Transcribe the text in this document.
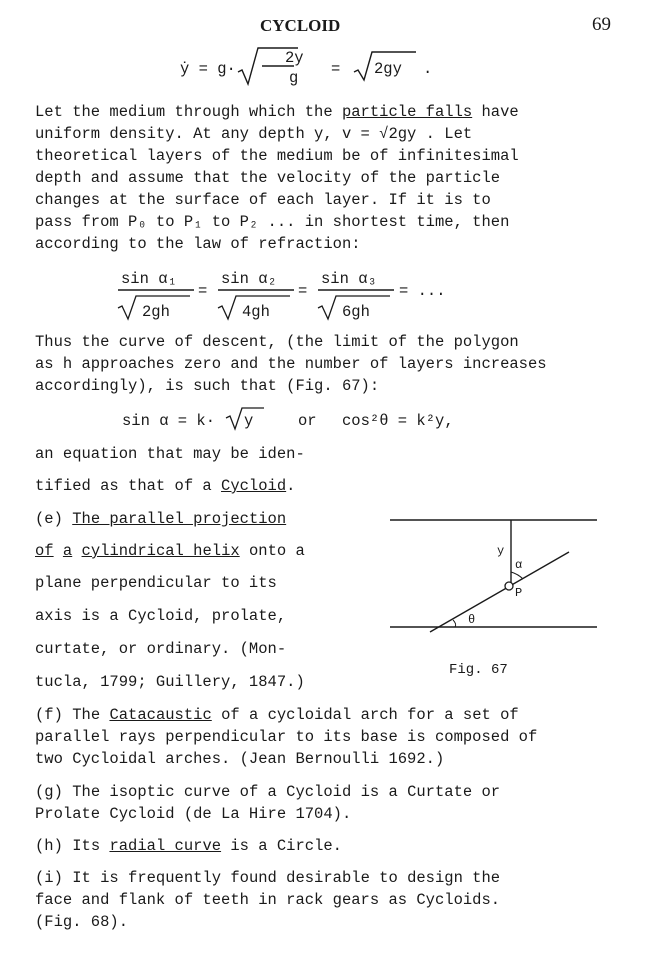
CYCLOID	69
ẏ = g·
2y
g = 2gy .
Let the medium through which the particle falls have
uniform density. At any depth y, v = √2gy . Let
theoretical layers of the medium be of infinitesimal
depth and assume that the velocity of the particle
changes at the surface of each layer. If it is to
pass from P₀ to P₁ to P₂ ... in shortest time, then
according to the law of refraction:
sin α₁	sin α₂	sin α₃
2gh	4gh	6gh
=	=	= ...
Thus the curve of descent, (the limit of the polygon
as h approaches zero and the number of layers increases
accordingly), is such that (Fig. 67):
sin α = k· y	or cos²θ = k²y,
an equation that may be iden-
tified as that of a Cycloid.
(e) The parallel projection
of a cylindrical helix onto a
plane perpendicular to its
axis is a Cycloid, prolate,
curtate, or ordinary. (Mon-
tucla, 1799; Guillery, 1847.)
y
α
P
θ
Fig. 67
(f) The Catacaustic of a cycloidal arch for a set of
parallel rays perpendicular to its base is composed of
two Cycloidal arches. (Jean Bernoulli 1692.)
(g) The isoptic curve of a Cycloid is a Curtate or
Prolate Cycloid (de La Hire 1704).
(h) Its radial curve is a Circle.
(i) It is frequently found desirable to design the
face and flank of teeth in rack gears as Cycloids.
(Fig. 68).
